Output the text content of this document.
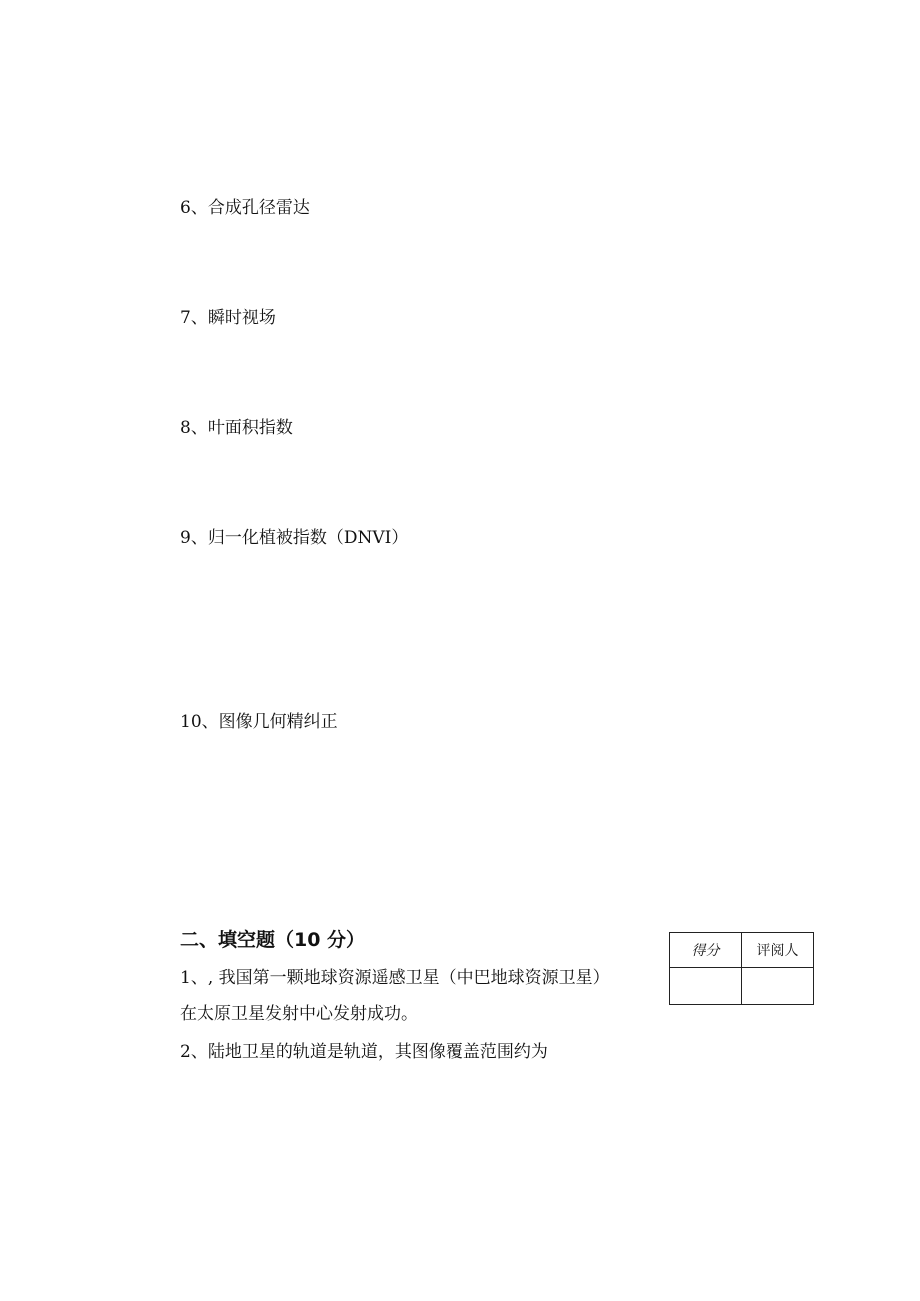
6、合成孔径雷达
7、瞬时视场
8、叶面积指数
9、归一化植被指数（DNVI）
10、图像几何精纠正
二、填空题（10 分）
1、, 我国第一颗地球资源遥感卫星（中巴地球资源卫星）
在太原卫星发射中心发射成功。
2、陆地卫星的轨道是轨道，其图像覆盖范围约为
得分	评阅人
